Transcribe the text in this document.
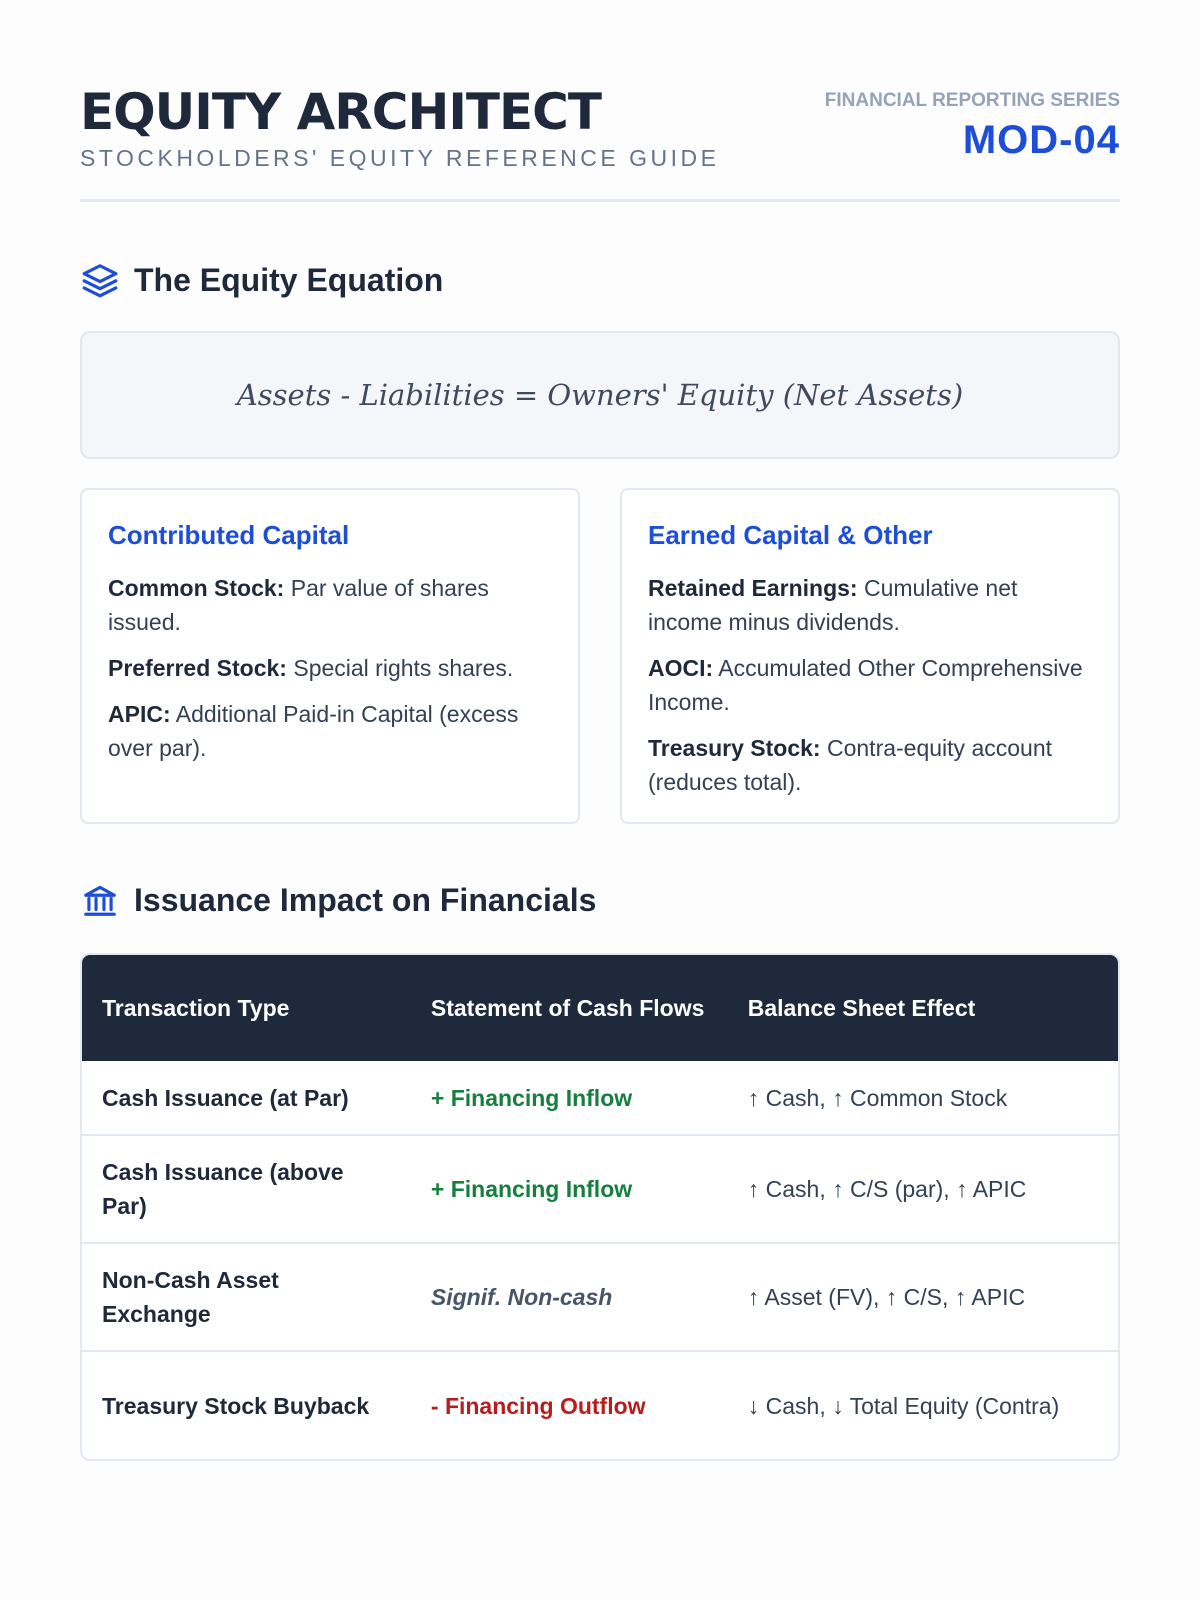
EQUITY ARCHITECT
STOCKHOLDERS' EQUITY REFERENCE GUIDE
FINANCIAL REPORTING SERIES
MOD-04
The Equity Equation
Assets - Liabilities = Owners' Equity (Net Assets)
Contributed Capital

Common Stock: Par value of shares issued.

Preferred Stock: Special rights shares.

APIC: Additional Paid-in Capital (excess over par).

Earned Capital & Other

Retained Earnings: Cumulative net income minus dividends.

AOCI: Accumulated Other Comprehensive Income.

Treasury Stock: Contra-equity account (reduces total).

Issuance Impact on Financials
Transaction Type	Statement of Cash Flows	Balance Sheet Effect
Cash Issuance (at Par)	+ Financing Inflow	↑ Cash, ↑ Common Stock
Cash Issuance (above Par)	+ Financing Inflow	↑ Cash, ↑ C/S (par), ↑ APIC
Non-Cash Asset Exchange	Signif. Non-cash	↑ Asset (FV), ↑ C/S, ↑ APIC
Treasury Stock Buyback	- Financing Outflow	↓ Cash, ↓ Total Equity (Contra)
